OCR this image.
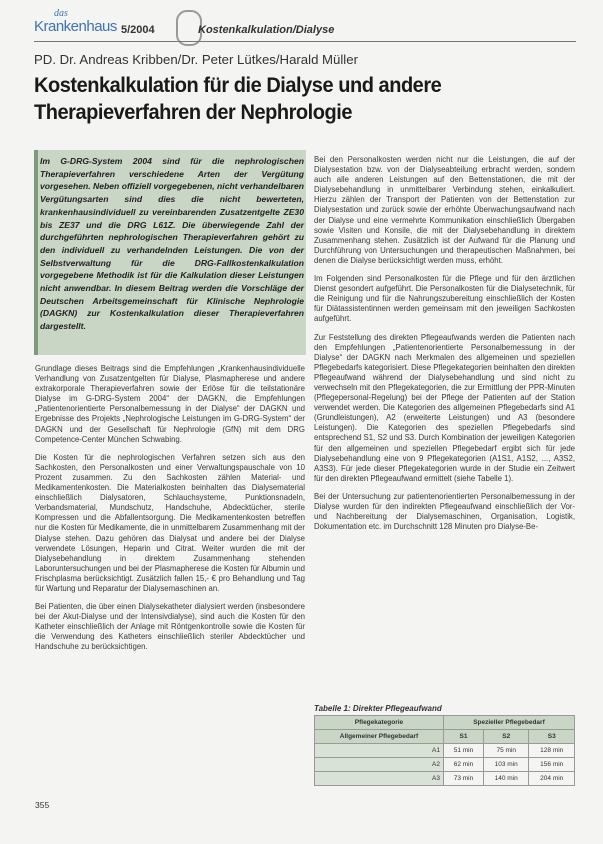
das
Krankenhaus 5/2004	Kostenkalkulation/Dialyse
PD. Dr. Andreas Kribben/Dr. Peter Lütkes/Harald Müller
Kostenkalkulation für die Dialyse und andere
Therapieverfahren der Nephrologie
Im G-DRG-System 2004 sind für die nephrologischen Therapieverfahren verschiedene Arten der Vergütung vorgesehen. Neben offiziell vorgegebenen, nicht verhandelbaren Vergütungsarten sind dies die nicht bewerteten, krankenhausindividuell zu vereinbarenden Zusatzentgelte ZE30 bis ZE37 und die DRG L61Z. Die überwiegende Zahl der durchgeführten nephrologischen Therapieverfahren gehört zu den individuell zu verhandelnden Leistungen. Die von der Selbstverwaltung für die DRG-Fallkostenkalkulation vorgegebene Methodik ist für die Kalkulation dieser Leistungen nicht anwendbar. In diesem Beitrag werden die Vorschläge der Deutschen Arbeitsgemeinschaft für Klinische Nephrologie (DAGKN) zur Kostenkalkulation dieser Therapieverfahren dargestellt.

Grundlage dieses Beitrags sind die Empfehlungen „Krankenhausindividuelle Verhandlung von Zusatzentgelten für Dialyse, Plasmapherese und andere extrakorporale Therapieverfahren sowie der Erlöse für die teilstationäre Dialyse im G-DRG-System 2004“ der DAGKN, die Empfehlungen „Patientenorientierte Personalbemessung in der Dialyse“ der DAGKN und Ergebnisse des Projekts „Nephrologische Leistungen im G-DRG-System“ der DAGKN und der Gesellschaft für Nephrologie (GfN) mit dem DRG Competence-Center München Schwabing.

Die Kosten für die nephrologischen Verfahren setzen sich aus den Sachkosten, den Personalkosten und einer Verwaltungspauschale von 10 Prozent zusammen. Zu den Sachkosten zählen Material- und Medikamentenkosten. Die Materialkosten beinhalten das Dialysematerial einschließlich Dialysatoren, Schlauchsysteme, Punktionsnadeln, Verbandsmaterial, Mundschutz, Handschuhe, Abdecktücher, sterile Kompressen und die Abfallentsorgung. Die Medikamentenkosten betreffen nur die Kosten für Medikamente, die in unmittelbarem Zusammenhang mit der Dialyse stehen. Dazu gehören das Dialysat und andere bei der Dialyse verwendete Lösungen, Heparin und Citrat. Weiter wurden die mit der Dialysebehandlung in direktem Zusammenhang stehenden Laboruntersuchungen und bei der Plasmapherese die Kosten für Albumin und Frischplasma berücksichtigt. Zusätzlich fallen 15,- € pro Behandlung und Tag für Wartung und Reparatur der Dialysemaschinen an.

Bei Patienten, die über einen Dialysekatheter dialysiert werden (insbesondere bei der Akut-Dialyse und der Intensivdialyse), sind auch die Kosten für den Katheter einschließlich der Anlage mit Röntgenkontrolle sowie die Kosten für die Verwendung des Katheters einschließlich steriler Abdecktücher und Handschuhe zu berücksichtigen.

Bei den Personalkosten werden nicht nur die Leistungen, die auf der Dialysestation bzw. von der Dialyseabteilung erbracht werden, sondern auch alle anderen Leistungen auf den Bettenstationen, die mit der Dialysebehandlung in unmittelbarer Verbindung stehen, einkalkuliert. Hierzu zählen der Transport der Patienten von der Bettenstation zur Dialysestation und zurück sowie der erhöhte Überwachungsaufwand nach der Dialyse und eine vermehrte Kommunikation einschließlich Übergaben sowie Visiten und Konsile, die mit der Dialysebehandlung in direktem Zusammenhang stehen. Zusätzlich ist der Aufwand für die Planung und Durchführung von Untersuchungen und therapeutischen Maßnahmen, bei denen die Dialyse berücksichtigt werden muss, erhöht.

Im Folgenden sind Personalkosten für die Pflege und für den ärztlichen Dienst gesondert aufgeführt. Die Personalkosten für die Dialysetechnik, für die Reinigung und für die Nahrungszubereitung einschließlich der Kosten für Diätassistentinnen werden gemeinsam mit den jeweiligen Sachkosten aufgeführt.

Zur Feststellung des direkten Pflegeaufwands werden die Patienten nach den Empfehlungen „Patientenorientierte Personalbemessung in der Dialyse“ der DAGKN nach Merkmalen des allgemeinen und speziellen Pflegebedarfs kategorisiert. Diese Pflegekategorien beinhalten den direkten Pflegeaufwand während der Dialysebehandlung und sind nicht zu verwechseln mit den Pflegekategorien, die zur Ermittlung der PPR-Minuten (Pflegepersonal-Regelung) bei der Pflege der Patienten auf der Station verwendet werden. Die Kategorien des allgemeinen Pflegebedarfs sind A1 (Grundleistungen), A2 (erweiterte Leistungen) und A3 (besondere Leistungen). Die Kategorien des speziellen Pflegebedarfs sind entsprechend S1, S2 und S3. Durch Kombination der jeweiligen Kategorien für den allgemeinen und speziellen Pflegebedarf ergibt sich für jede Dialysebehandlung eine von 9 Pflegekategorien (A1S1, A1S2, ..., A3S2, A3S3). Für jede dieser Pflegekategorien wurde in der Studie ein Zeitwert für den direkten Pflegeaufwand ermittelt (siehe Tabelle 1).

Bei der Untersuchung zur patientenorientierten Personalbemessung in der Dialyse wurden für den indirekten Pflegeaufwand einschließlich der Vor- und Nachbereitung der Dialysemaschinen, Organisation, Logistik, Dokumentation etc. im Durchschnitt 128 Minuten pro Dialyse-Be-

Tabelle 1: Direkter Pflegeaufwand
Pflegekategorie	Spezieller Pflegebedarf		
Allgemeiner Pflegebedarf	S1	S2	S3
A1	51 min	75 min	128 min
A2	62 min	103 min	156 min
A3	73 min	140 min	204 min
355
